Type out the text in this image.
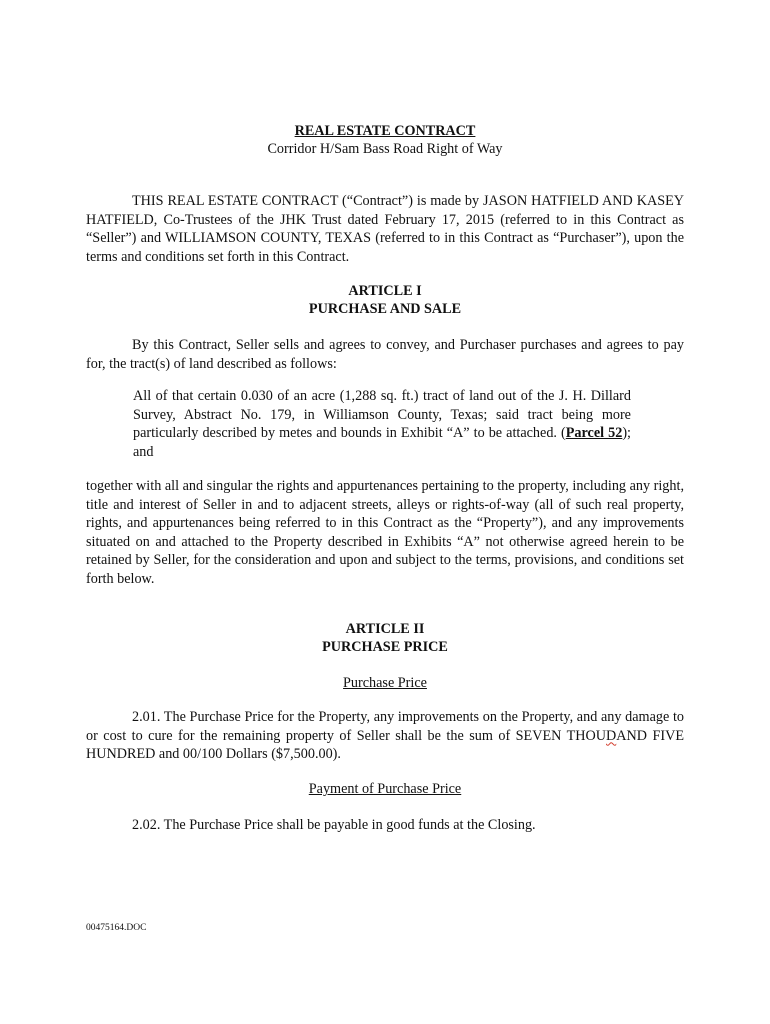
REAL ESTATE CONTRACT
Corridor H/Sam Bass Road Right of Way

THIS REAL ESTATE CONTRACT (“Contract”) is made by JASON HATFIELD AND KASEY HATFIELD, Co-Trustees of the JHK Trust dated February 17, 2015 (referred to in this Contract as “Seller”) and WILLIAMSON COUNTY, TEXAS (referred to in this Contract as “Purchaser”), upon the terms and conditions set forth in this Contract.

ARTICLE I
PURCHASE AND SALE

By this Contract, Seller sells and agrees to convey, and Purchaser purchases and agrees to pay for, the tract(s) of land described as follows:

All of that certain 0.030 of an acre (1,288 sq. ft.) tract of land out of the J. H. Dillard Survey, Abstract No. 179, in Williamson County, Texas; said tract being more particularly described by metes and bounds in Exhibit “A” to be attached. (Parcel 52); and

together with all and singular the rights and appurtenances pertaining to the property, including any right, title and interest of Seller in and to adjacent streets, alleys or rights-of-way (all of such real property, rights, and appurtenances being referred to in this Contract as the “Property”), and any improvements situated on and attached to the Property described in Exhibits “A” not otherwise agreed herein to be retained by Seller, for the consideration and upon and subject to the terms, provisions, and conditions set forth below.

ARTICLE II
PURCHASE PRICE
Purchase Price

2.01. The Purchase Price for the Property, any improvements on the Property, and any damage to or cost to cure for the remaining property of Seller shall be the sum of SEVEN THOUDAND FIVE HUNDRED and 00/100 Dollars ($7,500.00).

Payment of Purchase Price

2.02. The Purchase Price shall be payable in good funds at the Closing.

00475164.DOC
